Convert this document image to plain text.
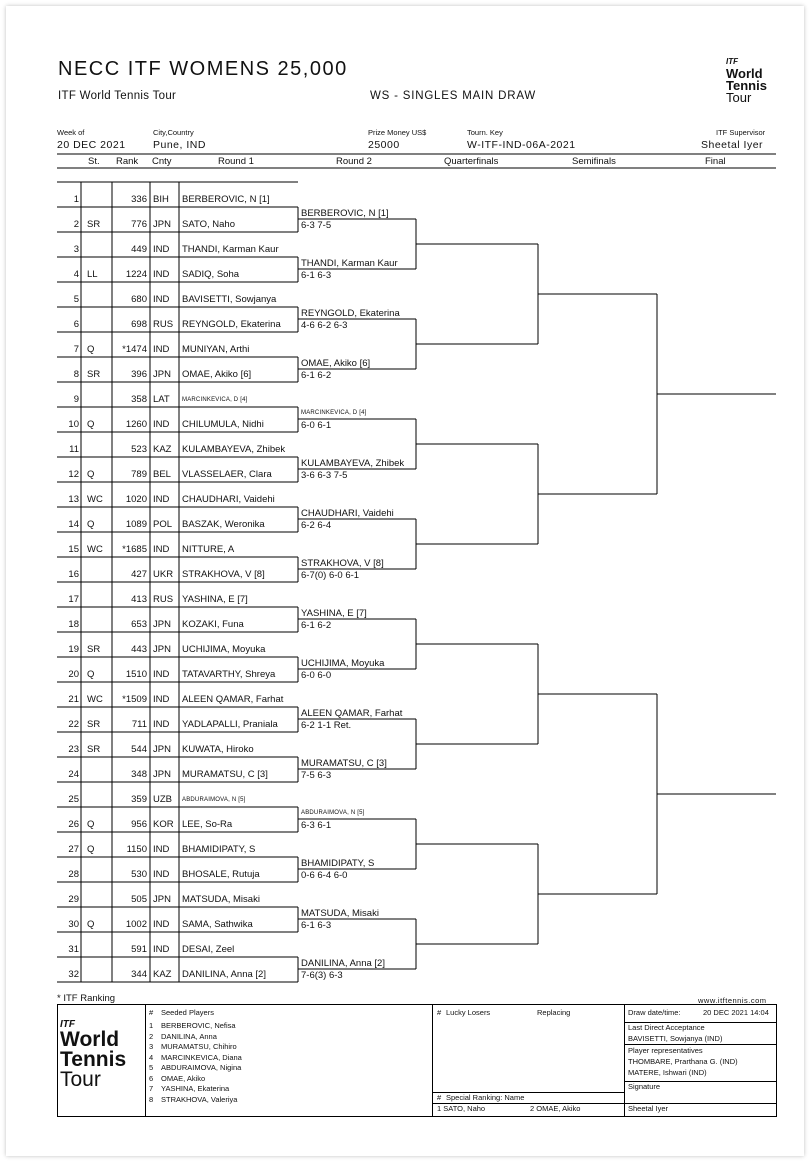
NECC ITF WOMENS 25,000
ITF World Tennis Tour	WS - SINGLES MAIN DRAW
ITF
World
Tennis
Tour
Week of
20 DEC 2021
City,Country
Pune, IND
Prize Money US$
25000
Tourn. Key
W-ITF-IND-06A-2021
ITF Supervisor
Sheetal Iyer
St. Rank Cnty	Round 1	Round 2	Quarterfinals	Semifinals	Final
1	336 BIH BERBEROVIC, N [1]
2 SR	776 JPN SATO, Naho
3	449 IND THANDI, Karman Kaur
4 LL	1224 IND SADIQ, Soha
5	680 IND BAVISETTI, Sowjanya
6	698 RUS REYNGOLD, Ekaterina
7 Q	*1474 IND MUNIYAN, Arthi
8 SR	396 JPN OMAE, Akiko [6]
9	358 LAT MARCINKEVICA, D [4]
10 Q	1260 IND CHILUMULA, Nidhi
11	523 KAZ KULAMBAYEVA, Zhibek
12 Q	789 BEL VLASSELAER, Clara
13 WC	1020 IND CHAUDHARI, Vaidehi
14 Q	1089 POL BASZAK, Weronika
15 WC	*1685 IND NITTURE, A
16	427 UKR STRAKHOVA, V [8]
17	413 RUS YASHINA, E [7]
18	653 JPN KOZAKI, Funa
19 SR	443 JPN UCHIJIMA, Moyuka
20 Q	1510 IND TATAVARTHY, Shreya
21 WC	*1509 IND ALEEN QAMAR, Farhat
22 SR	711 IND YADLAPALLI, Praniala
23 SR	544 JPN KUWATA, Hiroko
24	348 JPN MURAMATSU, C [3]
25	359 UZB ABDURAIMOVA, N [5]
26 Q	956 KOR LEE, So-Ra
27 Q	1150 IND BHAMIDIPATY, S
28	530 IND BHOSALE, Rutuja
29	505 JPN MATSUDA, Misaki
30 Q	1002 IND SAMA, Sathwika
31	591 IND DESAI, Zeel
32	344 KAZ DANILINA, Anna [2]
BERBEROVIC, N [1]
6-3 7-5
THANDI, Karman Kaur
6-1 6-3
REYNGOLD, Ekaterina
4-6 6-2 6-3
OMAE, Akiko [6]
6-1 6-2
MARCINKEVICA, D [4]
6-0 6-1
KULAMBAYEVA, Zhibek
3-6 6-3 7-5
CHAUDHARI, Vaidehi
6-2 6-4
STRAKHOVA, V [8]
6-7(0) 6-0 6-1
YASHINA, E [7]
6-1 6-2
UCHIJIMA, Moyuka
6-0 6-0
ALEEN QAMAR, Farhat
6-2 1-1 Ret.
MURAMATSU, C [3]
7-5 6-3
ABDURAIMOVA, N [5]
6-3 6-1
BHAMIDIPATY, S
0-6 6-4 6-0
MATSUDA, Misaki
6-1 6-3
DANILINA, Anna [2]
7-6(3) 6-3
* ITF Ranking	www.itftennis.com
ITF
World
Tennis
Tour
# Seeded Players
1 BERBEROVIC, Nefisa
2 DANILINA, Anna
3 MURAMATSU, Chihiro
4 MARCINKEVICA, Diana
5 ABDURAIMOVA, Nigina
6 OMAE, Akiko
7 YASHINA, Ekaterina
8 STRAKHOVA, Valeriya
# Lucky Losers	Replacing
# Special Ranking: Name
1 SATO, Naho	2 OMAE, Akiko
Draw date/time:	20 DEC 2021 14:04
Last Direct Acceptance
BAVISETTI, Sowjanya (IND)
Player representatives
THOMBARE, Prarthana G. (IND)
MATERE, Ishwari (IND)
Signature
Sheetal Iyer
